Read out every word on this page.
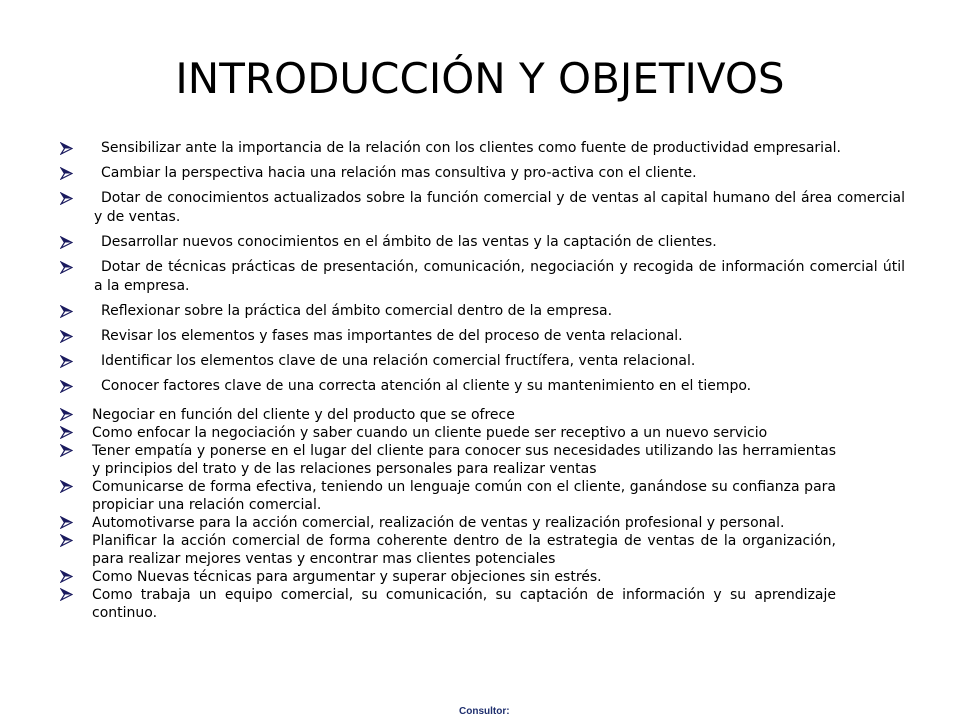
INTRODUCCIÓN Y OBJETIVOS
Sensibilizar ante la importancia de la relación con los clientes como fuente de productividad empresarial.
Cambiar la perspectiva hacia una relación mas consultiva y pro-activa con el cliente.
Dotar de conocimientos actualizados sobre la función comercial y de ventas al capital humano del área comercial y de ventas.
Desarrollar nuevos conocimientos en el ámbito de las ventas y la captación de clientes.
Dotar de técnicas prácticas de presentación, comunicación, negociación y recogida de información comercial útil a la empresa.
Reflexionar sobre la práctica del ámbito comercial dentro de la empresa.
Revisar los elementos y fases mas importantes de del proceso de venta relacional.
Identificar los elementos clave de una relación comercial fructífera, venta relacional.
Conocer factores clave de una correcta atención al cliente y su mantenimiento en el tiempo.
Negociar en función del cliente y del producto que se ofrece
Como enfocar la negociación y saber cuando un cliente puede ser receptivo a un nuevo servicio
Tener empatía y ponerse en el lugar del cliente para conocer sus necesidades utilizando las herramientas y principios del trato y de las relaciones personales para realizar ventas
Comunicarse de forma efectiva, teniendo un lenguaje común con el cliente, ganándose su confianza para propiciar una relación comercial.
Automotivarse para la acción comercial, realización de ventas y realización profesional y personal.
Planificar la acción comercial de forma coherente dentro de la estrategia de ventas de la organización, para realizar mejores ventas y encontrar mas clientes potenciales
Como Nuevas técnicas para argumentar y superar objeciones sin estrés.
Como trabaja un equipo comercial, su comunicación, su captación de información y su aprendizaje continuo.
Consultor:
